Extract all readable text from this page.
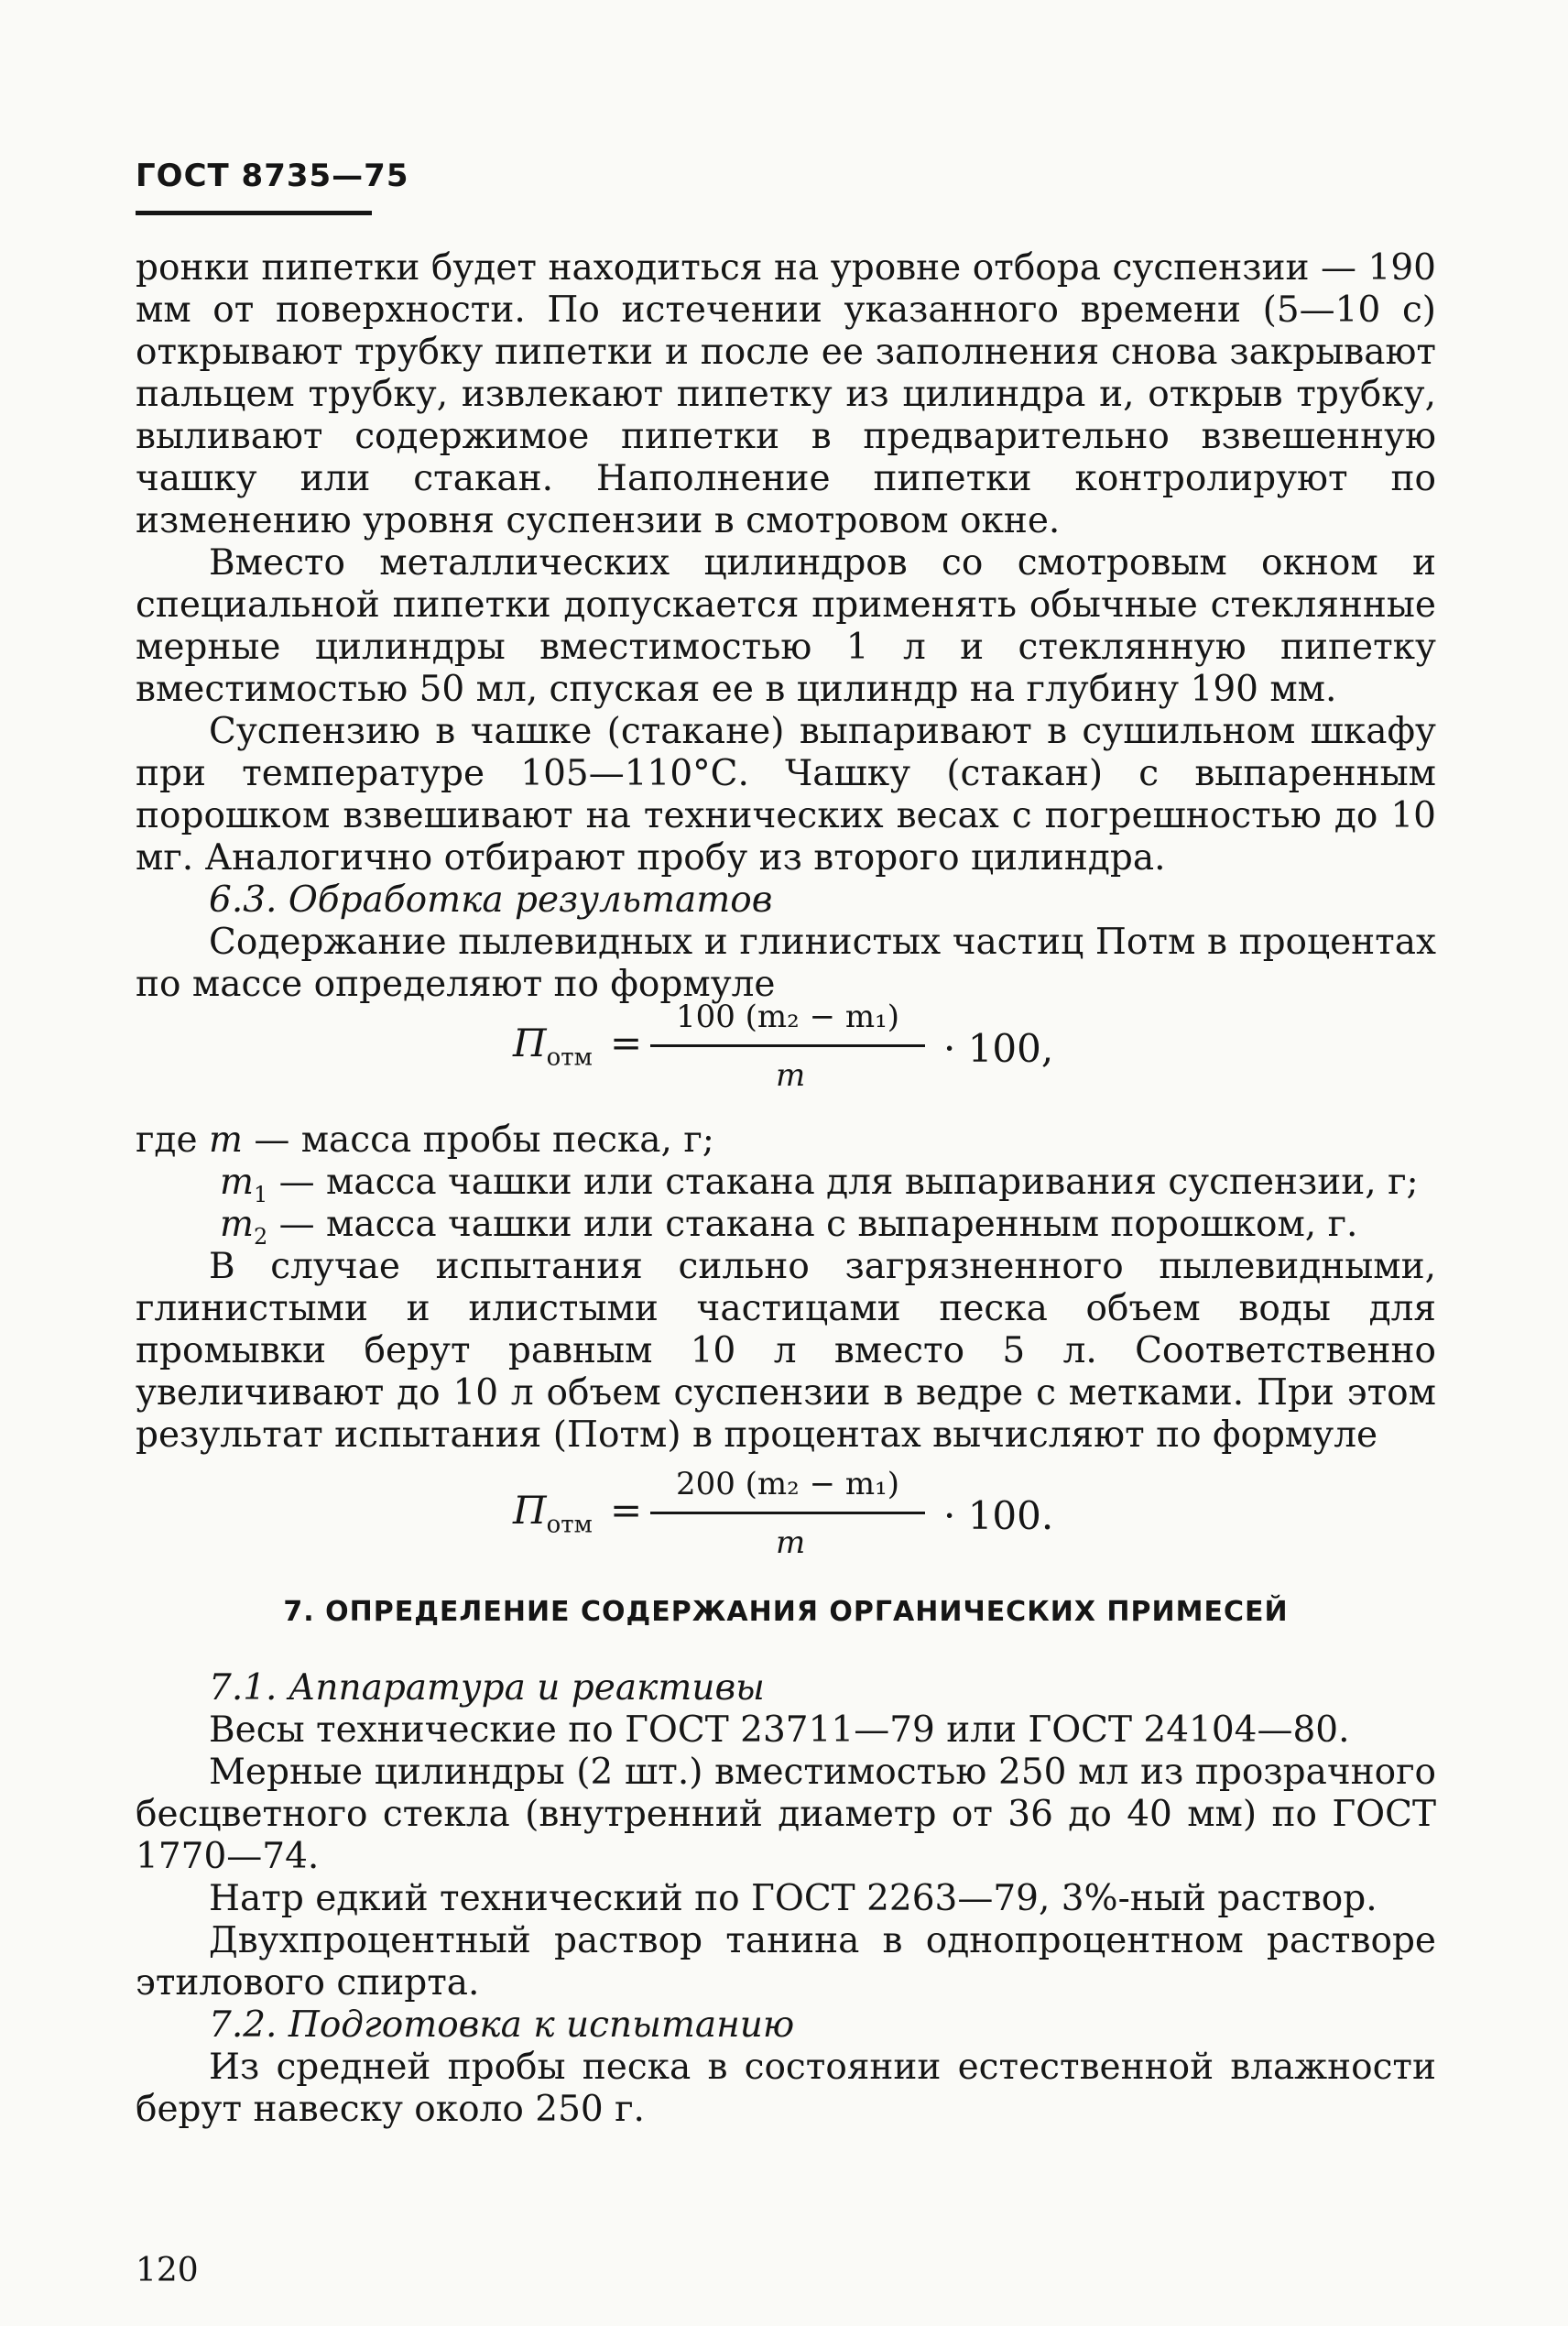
ГОСТ 8735—75

ронки пипетки будет находиться на уровне отбора суспензии — 190 мм от поверхности. По истечении указанного времени (5—10 с) открывают трубку пипетки и после ее заполнения снова закрывают пальцем трубку, извлекают пипетку из цилиндра и, открыв трубку, выливают содержимое пипетки в предварительно взвешенную чашку или стакан. Наполнение пипетки контролируют по изменению уровня суспензии в смотровом окне.

Вместо металлических цилиндров со смотровым окном и специальной пипетки допускается применять обычные стеклянные мерные цилиндры вместимостью 1 л и стеклянную пипетку вместимостью 50 мл, спуская ее в цилиндр на глубину 190 мм.

Суспензию в чашке (стакане) выпаривают в сушильном шкафу при температуре 105—110°С. Чашку (стакан) с выпаренным порошком взвешивают на технических весах с погрешностью до 10 мг. Аналогично отбирают пробу из второго цилиндра.

6.3. Обработка результатов

Содержание пылевидных и глинистых частиц Пoтм в процентах по массе определяют по формуле

$П_{отм}$ =
100 (m₂ − m₁)
m
· 100,
где m — масса пробы песка, г;
$m_1$ — масса чашки или стакана для выпаривания суспензии, г;
$m_2$ — масса чашки или стакана с выпаренным порошком, г.

В случае испытания сильно загрязненного пылевидными, глинистыми и илистыми частицами песка объем воды для промывки берут равным 10 л вместо 5 л. Соответственно увеличивают до 10 л объем суспензии в ведре с метками. При этом результат испытания (Потм) в процентах вычисляют по формуле

$П_{отм}$ =
200 (m₂ − m₁)
m
· 100.
7. ОПРЕДЕЛЕНИЕ СОДЕРЖАНИЯ ОРГАНИЧЕСКИХ ПРИМЕСЕЙ

7.1. Аппаратура и реактивы

Весы технические по ГОСТ 23711—79 или ГОСТ 24104—80.

Мерные цилиндры (2 шт.) вместимостью 250 мл из прозрачного бесцветного стекла (внутренний диаметр от 36 до 40 мм) по ГОСТ 1770—74.

Натр едкий технический по ГОСТ 2263—79, 3%-ный раствор.

Двухпроцентный раствор танина в однопроцентном растворе этилового спирта.

7.2. Подготовка к испытанию

Из средней пробы песка в состоянии естественной влажности берут навеску около 250 г.

120
